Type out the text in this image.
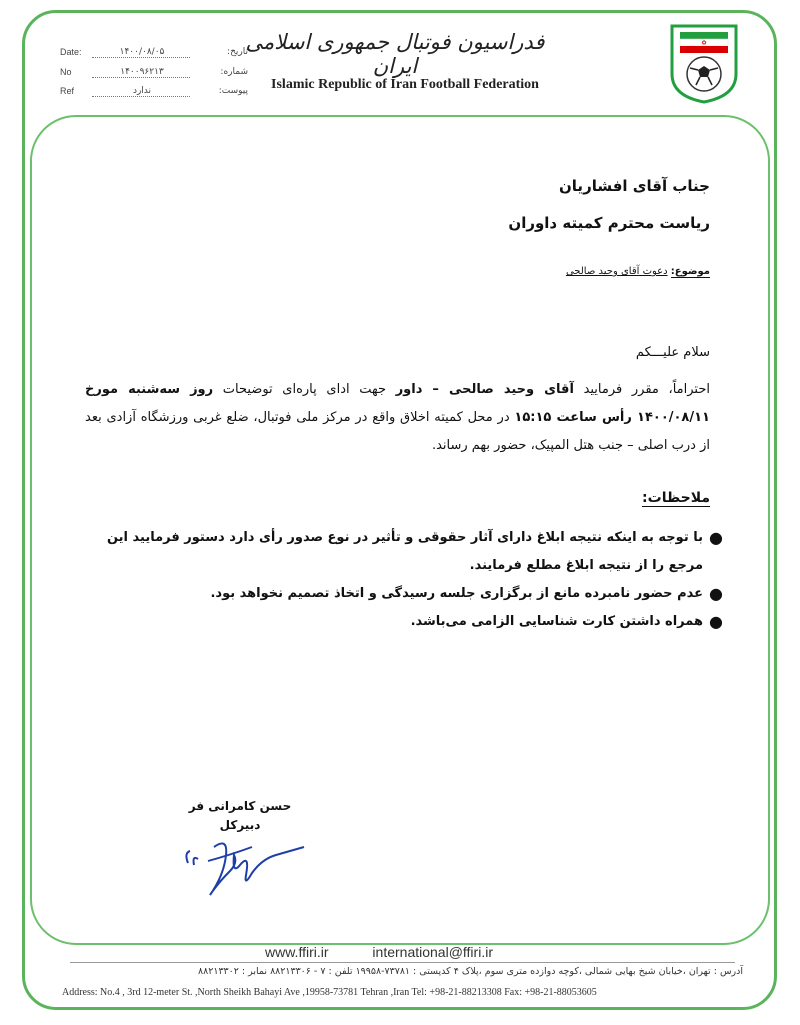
✿
فدراسیون فوتبال جمهوری اسلامی ایران
Islamic Republic of Iran Football Federation
Date:	۱۴۰۰/۰۸/۰۵	تاریخ:
No	۱۴۰۰۹۶۲۱۳	شماره:
Ref	ندارد	پیوست:
جناب آقای افشاریان
ریاست محترم کمیته داوران
موضوع: دعوت آقای وحید صالحی
سلام علیـــکم
احتراماً، مقرر فرمایید آقای وحید صالحی – داور جهت ادای پاره‌ای توضیحات روز سه‌شنبه مورخ ۱۴۰۰/۰۸/۱۱ رأس ساعت ۱۵:۱۵ در محل کمیته اخلاق واقع در مرکز ملی فوتبال، ضلع غربی ورزشگاه آزادی بعد از درب اصلی – جنب هتل المپیک، حضور بهم رساند.
ملاحظات:
●
با توجه به اینکه نتیجه ابلاغ دارای آثار حقوقی و تأثیر در نوع صدور رأی دارد دستور فرمایید این مرجع را از نتیجه ابلاغ مطلع فرمایند.
●
عدم حضور نامبرده مانع از برگزاری جلسه رسیدگی و اتخاذ تصمیم نخواهد بود.
●
همراه داشتن کارت شناسایی الزامی می‌باشد.
حسن کامرانی فر
دبیرکل
www.ffiri.ir	international@ffiri.ir
آدرس : تهران ،خیابان شیخ بهایی شمالی ،کوچه دوازده متری سوم ،پلاک ۴ کدپستی : ۷۳۷۸۱-۱۹۹۵۸ تلفن : ۷ - ۸۸۲۱۳۳۰۶ نمابر : ۸۸۲۱۳۳۰۲
Address: No.4 , 3rd 12-meter St. ,North Sheikh Bahayi Ave ,19958-73781 Tehran ,Iran Tel: +98-21-88213308 Fax: +98-21-88053605
